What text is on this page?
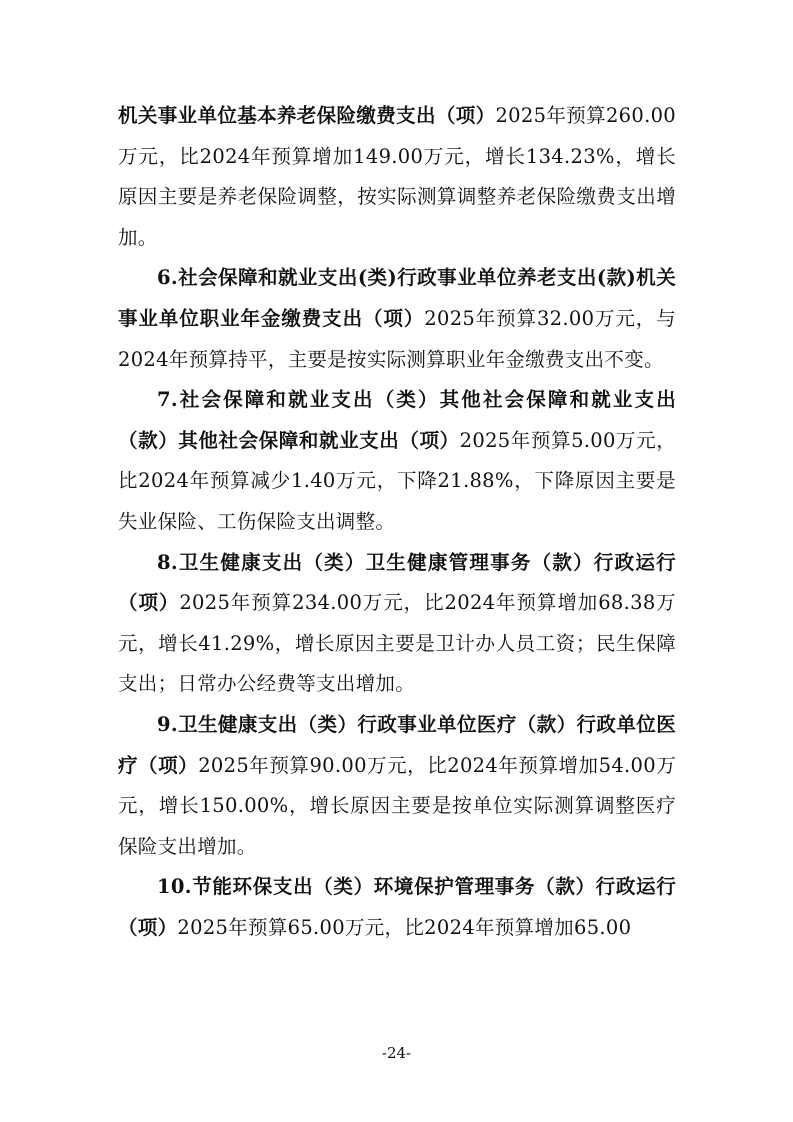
机关事业单位基本养老保险缴费支出（项）2025年预算260.00万元，比2024年预算增加149.00万元，增长134.23%，增长原因主要是养老保险调整，按实际测算调整养老保险缴费支出增加。

6.社会保障和就业支出(类)行政事业单位养老支出(款)机关事业单位职业年金缴费支出（项）2025年预算32.00万元，与2024年预算持平，主要是按实际测算职业年金缴费支出不变。

7.社会保障和就业支出（类）其他社会保障和就业支出（款）其他社会保障和就业支出（项）2025年预算5.00万元，比2024年预算减少1.40万元，下降21.88%，下降原因主要是失业保险、工伤保险支出调整。

8.卫生健康支出（类）卫生健康管理事务（款）行政运行（项）2025年预算234.00万元，比2024年预算增加68.38万元，增长41.29%，增长原因主要是卫计办人员工资；民生保障支出；日常办公经费等支出增加。

9.卫生健康支出（类）行政事业单位医疗（款）行政单位医疗（项）2025年预算90.00万元，比2024年预算增加54.00万元，增长150.00%，增长原因主要是按单位实际测算调整医疗保险支出增加。

10.节能环保支出（类）环境保护管理事务（款）行政运行（项）2025年预算65.00万元，比2024年预算增加65.00

-24-
